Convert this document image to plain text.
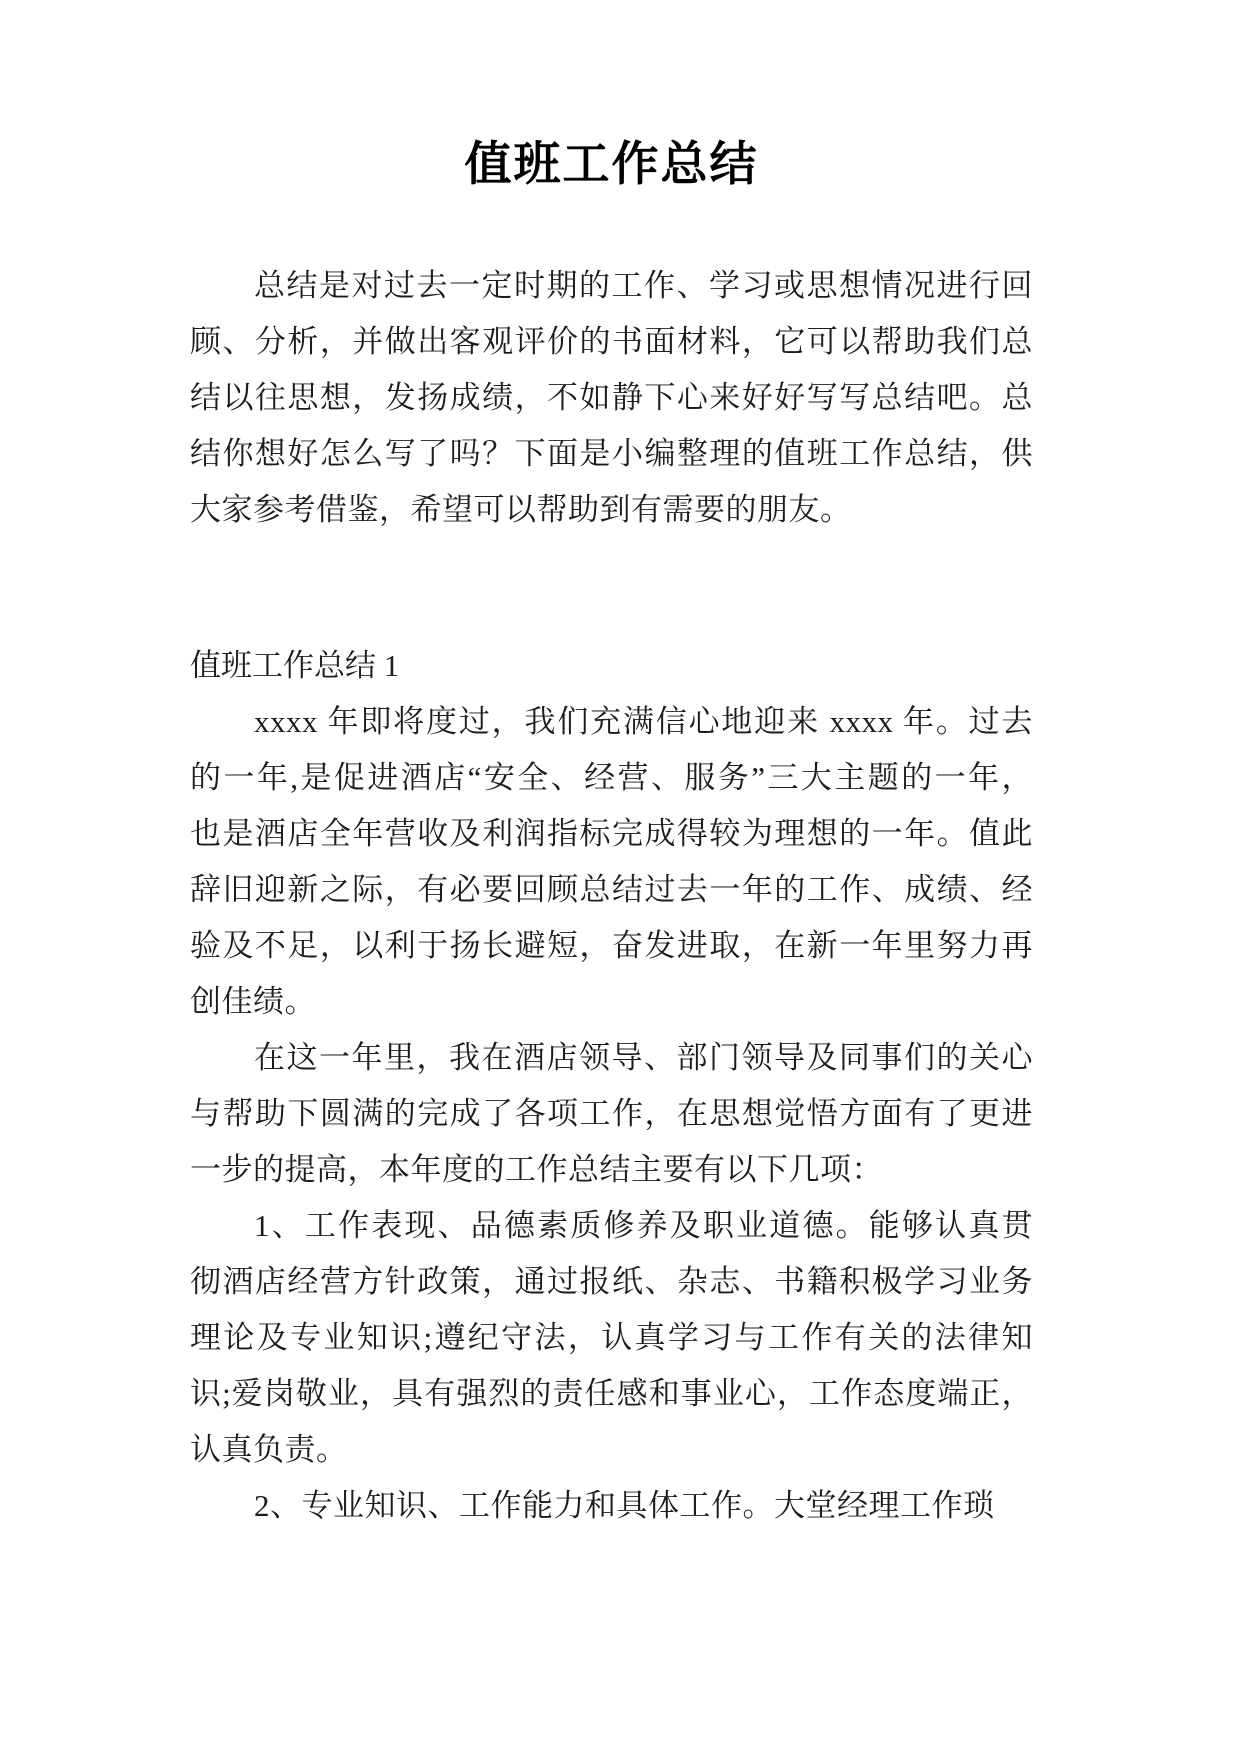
值班工作总结
总结是对过去一定时期的工作、学习或思想情况进行回
顾、分析，并做出客观评价的书面材料，它可以帮助我们总
结以往思想，发扬成绩，不如静下心来好好写写总结吧。总
结你想好怎么写了吗？下面是小编整理的值班工作总结，供
大家参考借鉴，希望可以帮助到有需要的朋友。
值班工作总结 1
xxxx 年即将度过，我们充满信心地迎来 xxxx 年。过去
的一年,是促进酒店“安全、经营、服务”三大主题的一年，
也是酒店全年营收及利润指标完成得较为理想的一年。值此
辞旧迎新之际，有必要回顾总结过去一年的工作、成绩、经
验及不足，以利于扬长避短，奋发进取，在新一年里努力再
创佳绩。
在这一年里，我在酒店领导、部门领导及同事们的关心
与帮助下圆满的完成了各项工作，在思想觉悟方面有了更进
一步的提高，本年度的工作总结主要有以下几项：
1、工作表现、品德素质修养及职业道德。能够认真贯
彻酒店经营方针政策，通过报纸、杂志、书籍积极学习业务
理论及专业知识;遵纪守法，认真学习与工作有关的法律知
识;爱岗敬业，具有强烈的责任感和事业心，工作态度端正，
认真负责。
2、专业知识、工作能力和具体工作。大堂经理工作琐
